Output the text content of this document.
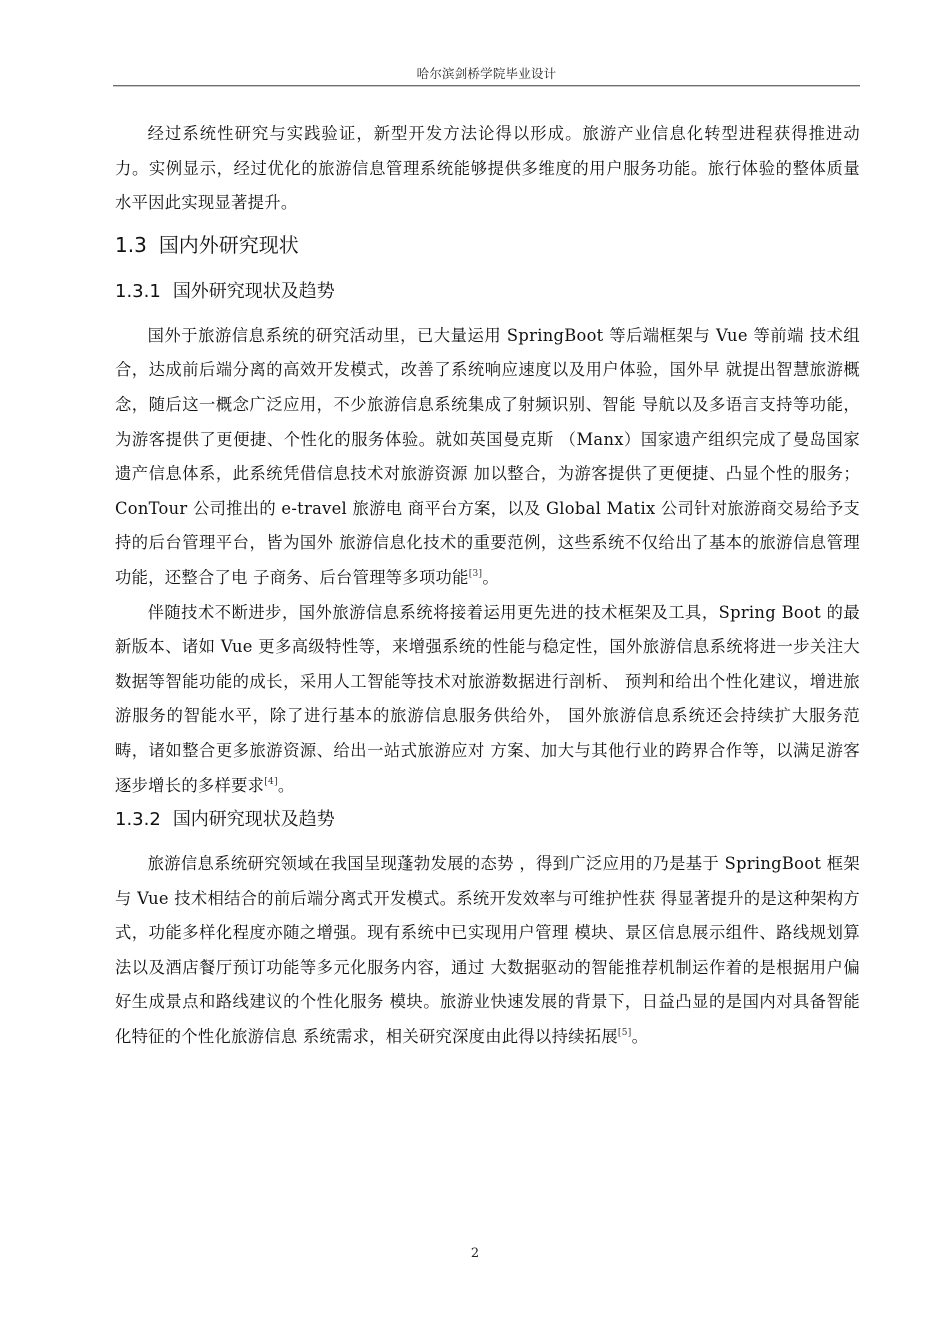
哈尔滨剑桥学院毕业设计

经过系统性研究与实践验证，新型开发方法论得以形成。旅游产业信息化转型进程获得推进动力。实例显示，经过优化的旅游信息管理系统能够提供多维度的用户服务功能。旅行体验的整体质量水平因此实现显著提升。

1.3 国内外研究现状
1.3.1 国外研究现状及趋势

国外于旅游信息系统的研究活动里，已大量运用 SpringBoot 等后端框架与 Vue 等前端 技术组合，达成前后端分离的高效开发模式，改善了系统响应速度以及用户体验，国外早 就提出智慧旅游概念，随后这一概念广泛应用，不少旅游信息系统集成了射频识别、智能 导航以及多语言支持等功能，为游客提供了更便捷、个性化的服务体验。就如英国曼克斯 （Manx）国家遗产组织完成了曼岛国家遗产信息体系，此系统凭借信息技术对旅游资源 加以整合，为游客提供了更便捷、凸显个性的服务；ConTour 公司推出的 e-travel 旅游电 商平台方案，以及 Global Matix 公司针对旅游商交易给予支持的后台管理平台，皆为国外 旅游信息化技术的重要范例，这些系统不仅给出了基本的旅游信息管理功能，还整合了电 子商务、后台管理等多项功能[3]。

伴随技术不断进步，国外旅游信息系统将接着运用更先进的技术框架及工具，Spring Boot 的最新版本、诸如 Vue 更多高级特性等，来增强系统的性能与稳定性，国外旅游信息系统将进一步关注大数据等智能功能的成长，采用人工智能等技术对旅游数据进行剖析、 预判和给出个性化建议，增进旅游服务的智能水平，除了进行基本的旅游信息服务供给外， 国外旅游信息系统还会持续扩大服务范畴，诸如整合更多旅游资源、给出一站式旅游应对 方案、加大与其他行业的跨界合作等，以满足游客逐步增长的多样要求[4]。

1.3.2 国内研究现状及趋势

旅游信息系统研究领域在我国呈现蓬勃发展的态势 ，得到广泛应用的乃是基于 SpringBoot 框架与 Vue 技术相结合的前后端分离式开发模式。系统开发效率与可维护性获 得显著提升的是这种架构方式，功能多样化程度亦随之增强。现有系统中已实现用户管理 模块、景区信息展示组件、路线规划算法以及酒店餐厅预订功能等多元化服务内容，通过 大数据驱动的智能推荐机制运作着的是根据用户偏好生成景点和路线建议的个性化服务 模块。旅游业快速发展的背景下，日益凸显的是国内对具备智能化特征的个性化旅游信息 系统需求，相关研究深度由此得以持续拓展[5]。

2
